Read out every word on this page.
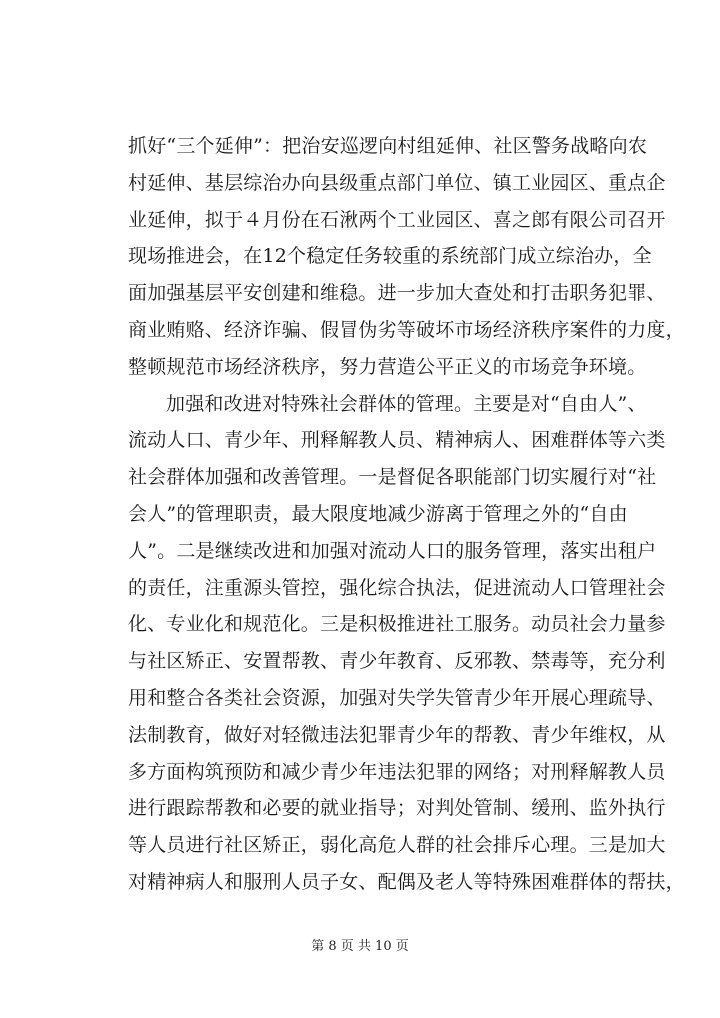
抓好“三个延伸”：把治安巡逻向村组延伸、社区警务战略向农
村延伸、基层综治办向县级重点部门单位、镇工业园区、重点企
业延伸，拟于４月份在石湫两个工业园区、喜之郎有限公司召开
现场推进会，在12个稳定任务较重的系统部门成立综治办，全
面加强基层平安创建和维稳。进一步加大查处和打击职务犯罪、
商业贿赂、经济诈骗、假冒伪劣等破坏市场经济秩序案件的力度，
整顿规范市场经济秩序，努力营造公平正义的市场竞争环境。

加强和改进对特殊社会群体的管理。主要是对“自由人”、
流动人口、青少年、刑释解教人员、精神病人、困难群体等六类
社会群体加强和改善管理。一是督促各职能部门切实履行对“社
会人”的管理职责，最大限度地减少游离于管理之外的“自由
人”。二是继续改进和加强对流动人口的服务管理，落实出租户
的责任，注重源头管控，强化综合执法，促进流动人口管理社会
化、专业化和规范化。三是积极推进社工服务。动员社会力量参
与社区矫正、安置帮教、青少年教育、反邪教、禁毒等，充分利
用和整合各类社会资源，加强对失学失管青少年开展心理疏导、
法制教育，做好对轻微违法犯罪青少年的帮教、青少年维权，从
多方面构筑预防和减少青少年违法犯罪的网络；对刑释解教人员
进行跟踪帮教和必要的就业指导；对判处管制、缓刑、监外执行
等人员进行社区矫正，弱化高危人群的社会排斥心理。三是加大
对精神病人和服刑人员子女、配偶及老人等特殊困难群体的帮扶，

第 8 页 共 10 页
